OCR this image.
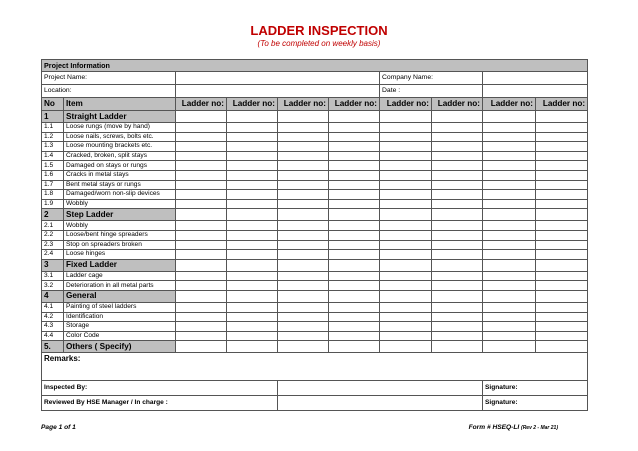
LADDER INSPECTION
(To be completed on weekly basis)
Project Information									
Project Name:						Company Name:			
Location:						Date :			
No	Item	Ladder no:	Ladder no:	Ladder no:	Ladder no:	Ladder no:	Ladder no:	Ladder no:	Ladder no:
1	Straight Ladder								
1.1	Loose rungs (move by hand)								
1.2	Loose nails, screws, bolts etc.								
1.3	Loose mounting brackets etc.								
1.4	Cracked, broken, split stays								
1.5	Damaged on stays or rungs								
1.6	Cracks in metal stays								
1.7	Bent metal stays or rungs								
1.8	Damaged/worn non-slip devices								
1.9	Wobbly								
2	Step Ladder								
2.1	Wobbly								
2.2	Loose/bent hinge spreaders								
2.3	Stop on spreaders broken								
2.4	Loose hinges								
3	Fixed Ladder								
3.1	Ladder cage								
3.2	Deterioration in all metal parts								
4	General								
4.1	Painting of steel ladders								
4.2	Identification								
4.3	Storage								
4.4	Color Code								
5.	Others ( Specify)								
Remarks:									
Inspected By:								Signature:	
Reviewed By HSE Manager / In charge :								Signature:	
Page 1 of 1	Form # HSEQ-LI (Rev 2 - Mar 21)
